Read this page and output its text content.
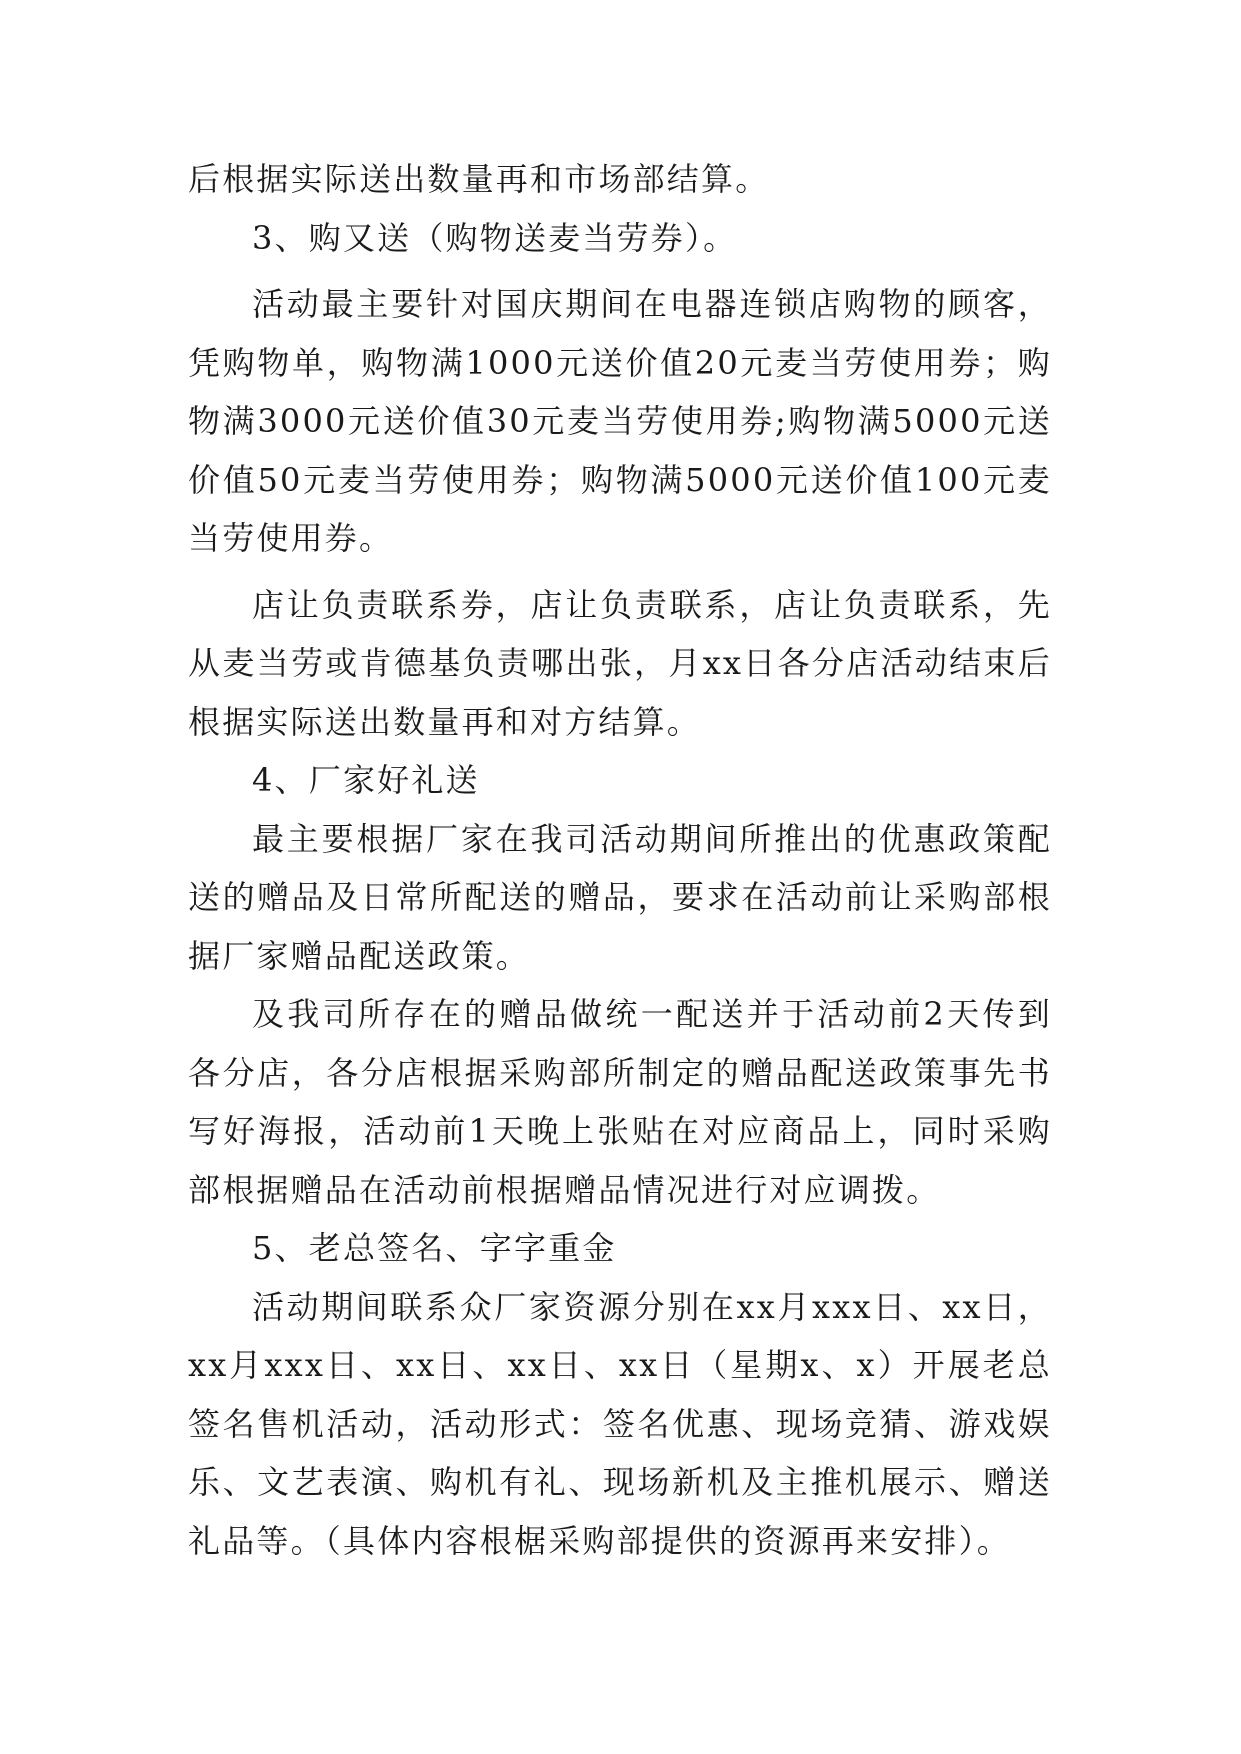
后根据实际送出数量再和市场部结算。

3、购又送（购物送麦当劳券）。

活动最主要针对国庆期间在电器连锁店购物的顾客，凭购物单，购物满1000元送价值20元麦当劳使用券；购物满3000元送价值30元麦当劳使用券;购物满5000元送价值50元麦当劳使用券；购物满5000元送价值100元麦当劳使用券。

店让负责联系券，店让负责联系，店让负责联系，先从麦当劳或肯德基负责哪出张，月xx日各分店活动结束后根据实际送出数量再和对方结算。

4、厂家好礼送

最主要根据厂家在我司活动期间所推出的优惠政策配送的赠品及日常所配送的赠品，要求在活动前让采购部根据厂家赠品配送政策。

及我司所存在的赠品做统一配送并于活动前2天传到各分店，各分店根据采购部所制定的赠品配送政策事先书写好海报，活动前1天晚上张贴在对应商品上，同时采购部根据赠品在活动前根据赠品情况进行对应调拨。

5、老总签名、字字重金

活动期间联系众厂家资源分别在xx月xxx日、xx日，xx月xxx日、xx日、xx日、xx日（星期x、x）开展老总签名售机活动，活动形式：签名优惠、现场竞猜、游戏娱乐、文艺表演、购机有礼、现场新机及主推机展示、赠送礼品等。（具体内容根椐采购部提供的资源再来安排）。
